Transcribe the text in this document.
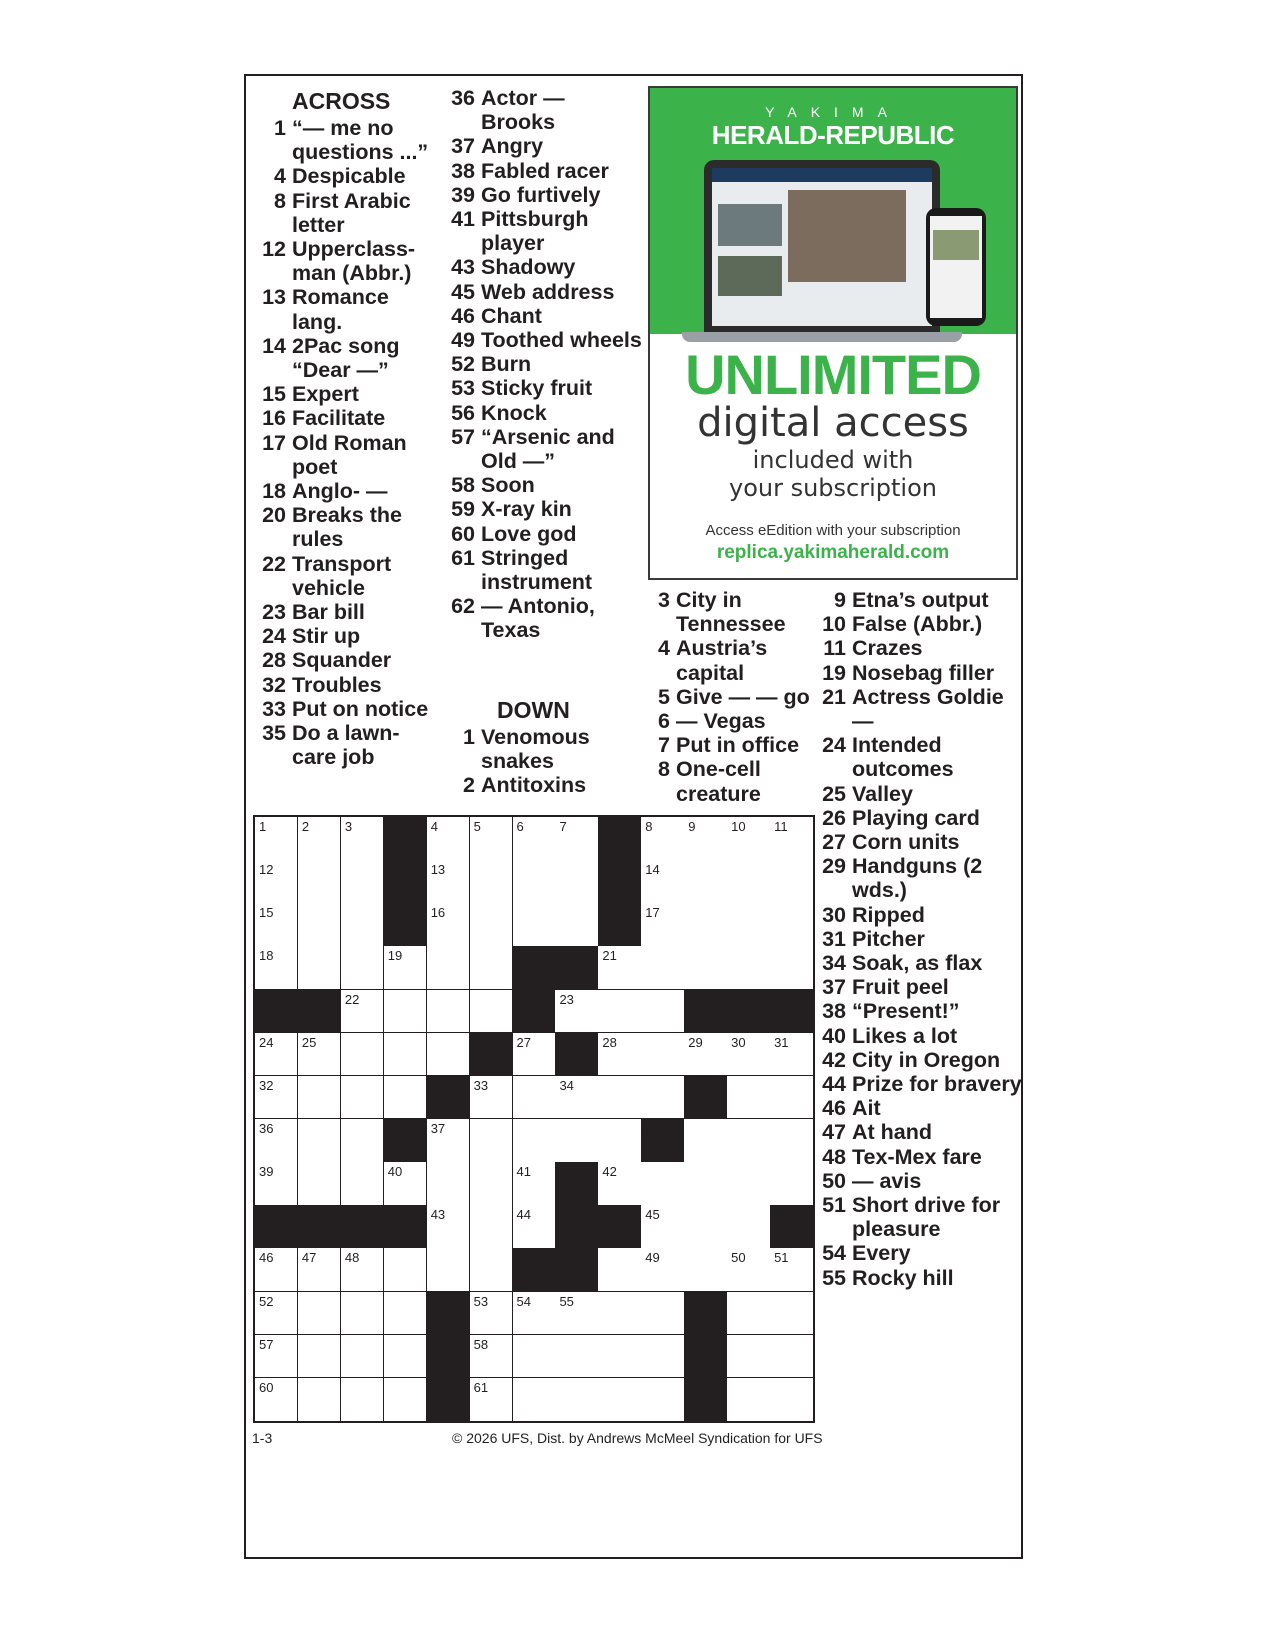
ACROSS
1 “— me no questions ...”
4 Despicable
8 First Arabic letter
12 Upperclass-man (Abbr.)
13 Romance lang.
14 2Pac song “Dear —”
15 Expert
16 Facilitate
17 Old Roman poet
18 Anglo- —
20 Breaks the rules
22 Transport vehicle
23 Bar bill
24 Stir up
28 Squander
32 Troubles
33 Put on notice
35 Do a lawn-care job
36 Actor — Brooks
37 Angry
38 Fabled racer
39 Go furtively
41 Pittsburgh player
43 Shadowy
45 Web address
46 Chant
49 Toothed wheels
52 Burn
53 Sticky fruit
56 Knock
57 “Arsenic and Old —”
58 Soon
59 X-ray kin
60 Love god
61 Stringed instrument
62 — Antonio, Texas
DOWN
1 Venomous snakes
2 Antitoxins
3 City in Tennessee
4 Austria’s capital
5 Give — — go
6 — Vegas
7 Put in office
8 One-cell creature
9 Etna’s output
10 False (Abbr.)
11 Crazes
19 Nosebag filler
21 Actress Goldie —
24 Intended outcomes
25 Valley
26 Playing card
27 Corn units
29 Handguns (2 wds.)
30 Ripped
31 Pitcher
34 Soak, as flax
37 Fruit peel
38 “Present!”
40 Likes a lot
42 City in Oregon
44 Prize for bravery
46 Ait
47 At hand
48 Tex-Mex fare
50 — avis
51 Short drive for pleasure
54 Every
55 Rocky hill
YAKIMA
HERALD-REPUBLIC
UNLIMITED
digital access
included with
your subscription
Access eEdition with your subscription
replica.yakimaherald.com
1	2	3	4	5	6	7	8	9	10 11
12	13	14
15	16	17
18	19	20 21
22	23
24 25	26 27	28	29 30 31
32	33	34	35
36	37	38
39	40	41	42
43	44	45
46 47 48	49	50 51
52	53 54 55	56
57	58	59
60	61	62
1-3	© 2026 UFS, Dist. by Andrews McMeel Syndication for UFS
